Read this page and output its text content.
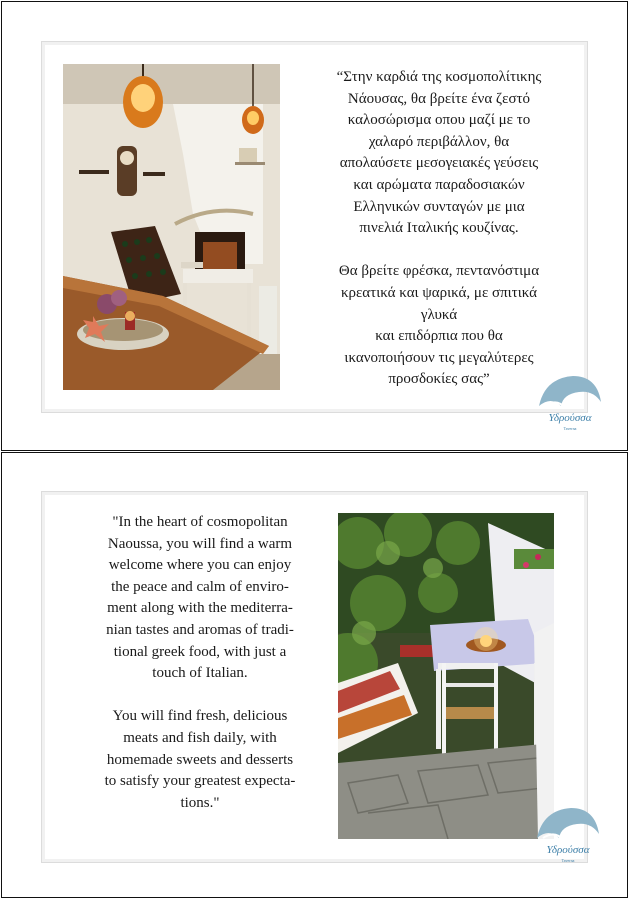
“Στην καρδιά της κοσμοπολίτικης
Νάουσας, θα βρείτε ένα ζεστό
καλοσώρισμα οπου μαζί με το
χαλαρό περιβάλλον, θα
απολαύσετε μεσογειακές γεύσεις
και αρώματα παραδοσιακών
Ελληνικών συνταγών με μια
πινελιά Ιταλικής κουζίνας.

Θα βρείτε φρέσκα, πεντανόστιμα
κρεατικά και ψαρικά, με σπιτικά
γλυκά
και επιδόρπια που θα
ικανοποιήσουν τις μεγαλύτερες
προσδοκίες σας”
Υδρούσσα
Taverna
"In the heart of cosmopolitan
Naoussa, you will find a warm
welcome where you can enjoy
the peace and calm of enviro-
ment along with the mediterra-
nian tastes and aromas of tradi-
tional greek food, with just a
touch of Italian.

You will find fresh, delicious
meats and fish daily, with
homemade sweets and desserts
to satisfy your greatest expecta-
tions."
Υδρούσσα
Taverna
